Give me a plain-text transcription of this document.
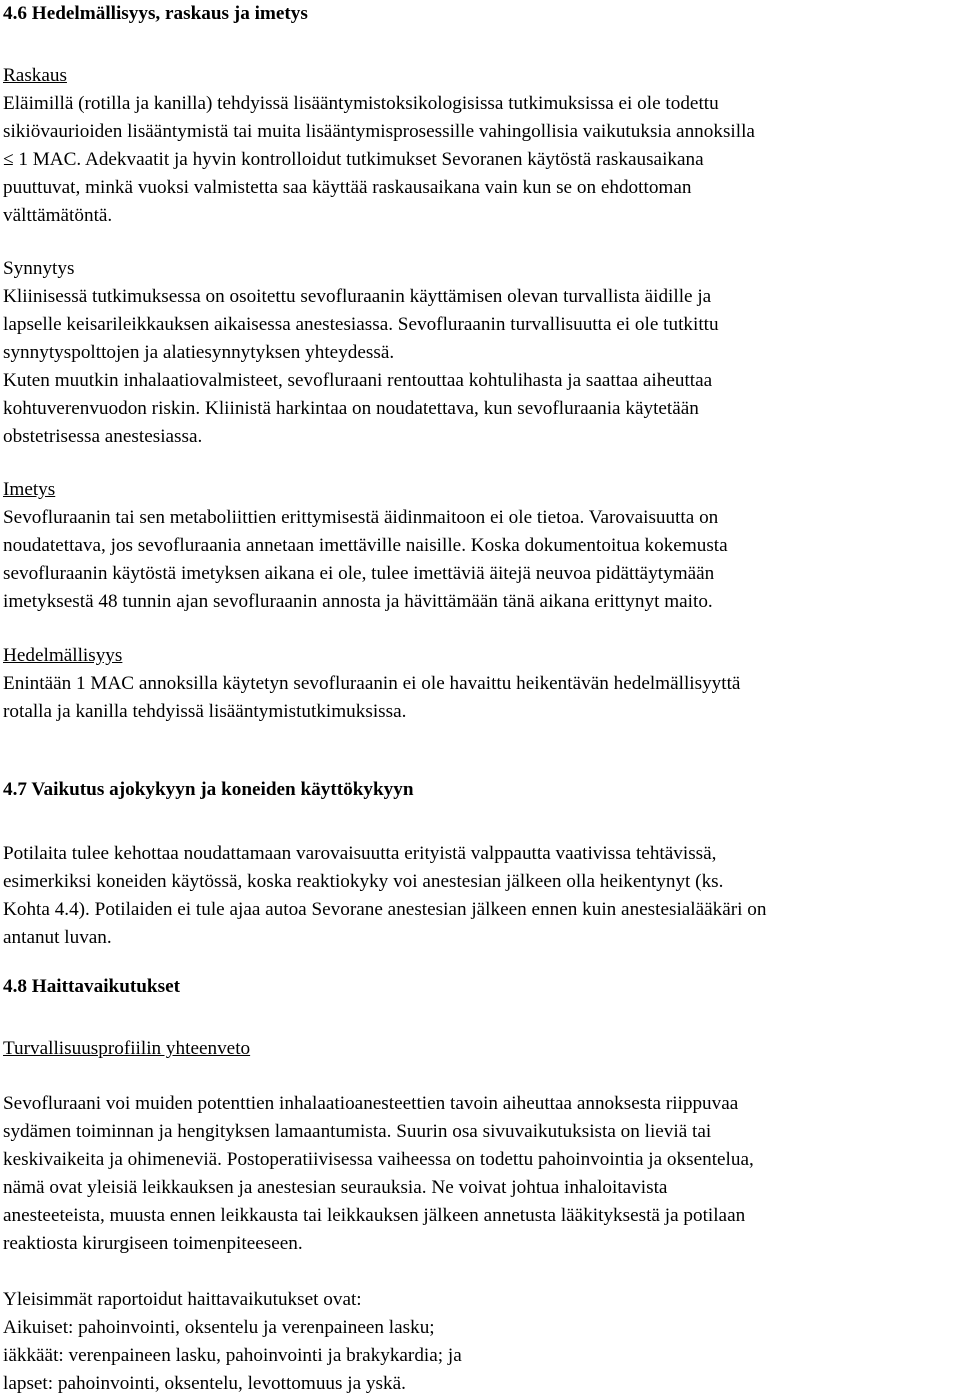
4.6 Hedelmällisyys, raskaus ja imetys
Raskaus
Eläimillä (rotilla ja kanilla) tehdyissä lisääntymistoksikologisissa tutkimuksissa ei ole todettu
sikiövaurioiden lisääntymistä tai muita lisääntymisprosessille vahingollisia vaikutuksia annoksilla
≤ 1 MAC. Adekvaatit ja hyvin kontrolloidut tutkimukset Sevoranen käytöstä raskausaikana
puuttuvat, minkä vuoksi valmistetta saa käyttää raskausaikana vain kun se on ehdottoman
välttämätöntä.
Synnytys
Kliinisessä tutkimuksessa on osoitettu sevofluraanin käyttämisen olevan turvallista äidille ja
lapselle keisarileikkauksen aikaisessa anestesiassa. Sevofluraanin turvallisuutta ei ole tutkittu
synnytyspolttojen ja alatiesynnytyksen yhteydessä.
Kuten muutkin inhalaatiovalmisteet, sevofluraani rentouttaa kohtulihasta ja saattaa aiheuttaa
kohtuverenvuodon riskin. Kliinistä harkintaa on noudatettava, kun sevofluraania käytetään
obstetrisessa anestesiassa.
Imetys
Sevofluraanin tai sen metaboliittien erittymisestä äidinmaitoon ei ole tietoa. Varovaisuutta on
noudatettava, jos sevofluraania annetaan imettäville naisille. Koska dokumentoitua kokemusta
sevofluraanin käytöstä imetyksen aikana ei ole, tulee imettäviä äitejä neuvoa pidättäytymään
imetyksestä 48 tunnin ajan sevofluraanin annosta ja hävittämään tänä aikana erittynyt maito.
Hedelmällisyys
Enintään 1 MAC annoksilla käytetyn sevofluraanin ei ole havaittu heikentävän hedelmällisyyttä
rotalla ja kanilla tehdyissä lisääntymistutkimuksissa.
4.7 Vaikutus ajokykyyn ja koneiden käyttökykyyn
Potilaita tulee kehottaa noudattamaan varovaisuutta erityistä valppautta vaativissa tehtävissä,
esimerkiksi koneiden käytössä, koska reaktiokyky voi anestesian jälkeen olla heikentynyt (ks.
Kohta 4.4). Potilaiden ei tule ajaa autoa Sevorane anestesian jälkeen ennen kuin anestesialääkäri on
antanut luvan.
4.8 Haittavaikutukset
Turvallisuusprofiilin yhteenveto
Sevofluraani voi muiden potenttien inhalaatioanesteettien tavoin aiheuttaa annoksesta riippuvaa
sydämen toiminnan ja hengityksen lamaantumista. Suurin osa sivuvaikutuksista on lieviä tai
keskivaikeita ja ohimeneviä. Postoperatiivisessa vaiheessa on todettu pahoinvointia ja oksentelua,
nämä ovat yleisiä leikkauksen ja anestesian seurauksia. Ne voivat johtua inhaloitavista
anesteeteista, muusta ennen leikkausta tai leikkauksen jälkeen annetusta lääkityksestä ja potilaan
reaktiosta kirurgiseen toimenpiteeseen.
Yleisimmät raportoidut haittavaikutukset ovat:
Aikuiset: pahoinvointi, oksentelu ja verenpaineen lasku;
iäkkäät: verenpaineen lasku, pahoinvointi ja brakykardia; ja
lapset: pahoinvointi, oksentelu, levottomuus ja yskä.
